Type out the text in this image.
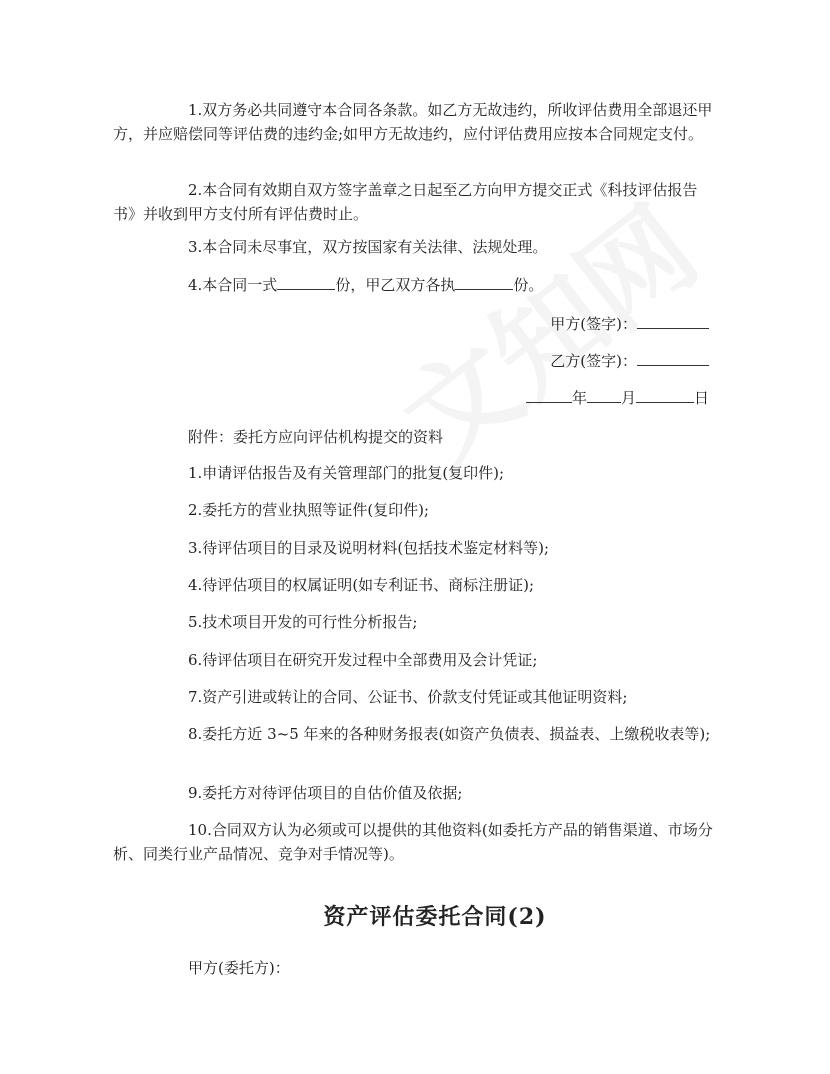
1.双方务必共同遵守本合同各条款。如乙方无故违约，所收评估费用全部退还甲方，并应赔偿同等评估费的违约金;如甲方无故违约，应付评估费用应按本合同规定支付。

2.本合同有效期自双方签字盖章之日起至乙方向甲方提交正式《科技评估报告书》并收到甲方支付所有评估费时止。

3.本合同未尽事宜，双方按国家有关法律、法规处理。

4.本合同一式	份，甲乙双方各执	份。

甲方(签字)：
乙方(签字)：
年 月	日

附件：委托方应向评估机构提交的资料

1.申请评估报告及有关管理部门的批复(复印件);

2.委托方的营业执照等证件(复印件);

3.待评估项目的目录及说明材料(包括技术鉴定材料等);

4.待评估项目的权属证明(如专利证书、商标注册证);

5.技术项目开发的可行性分析报告;

6.待评估项目在研究开发过程中全部费用及会计凭证;

7.资产引进或转让的合同、公证书、价款支付凭证或其他证明资料;

8.委托方近 3~5 年来的各种财务报表(如资产负债表、损益表、上缴税收表等);

9.委托方对待评估项目的自估价值及依据;

10.合同双方认为必须或可以提供的其他资料(如委托方产品的销售渠道、市场分析、同类行业产品情况、竞争对手情况等)。

资产评估委托合同(2)

甲方(委托方)：
